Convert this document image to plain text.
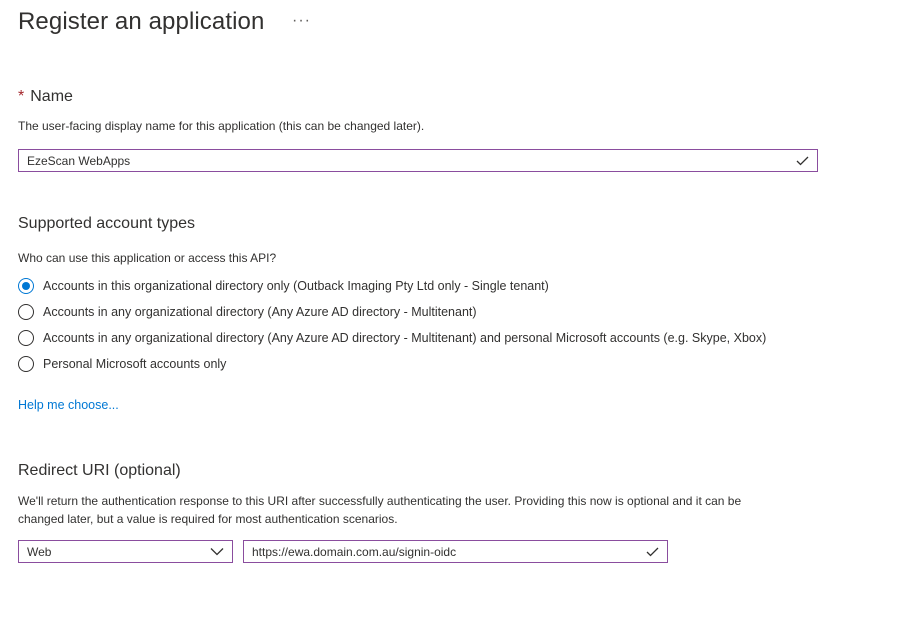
Register an application ···
* Name
The user-facing display name for this application (this can be changed later).
EzeScan WebApps
Supported account types
Who can use this application or access this API?
Accounts in this organizational directory only (Outback Imaging Pty Ltd only - Single tenant)
Accounts in any organizational directory (Any Azure AD directory - Multitenant)
Accounts in any organizational directory (Any Azure AD directory - Multitenant) and personal Microsoft accounts (e.g. Skype, Xbox)
Personal Microsoft accounts only
Help me choose...
Redirect URI (optional)
We'll return the authentication response to this URI after successfully authenticating the user. Providing this now is optional and it can be
changed later, but a value is required for most authentication scenarios.
Web	https://ewa.domain.com.au/signin-oidc
